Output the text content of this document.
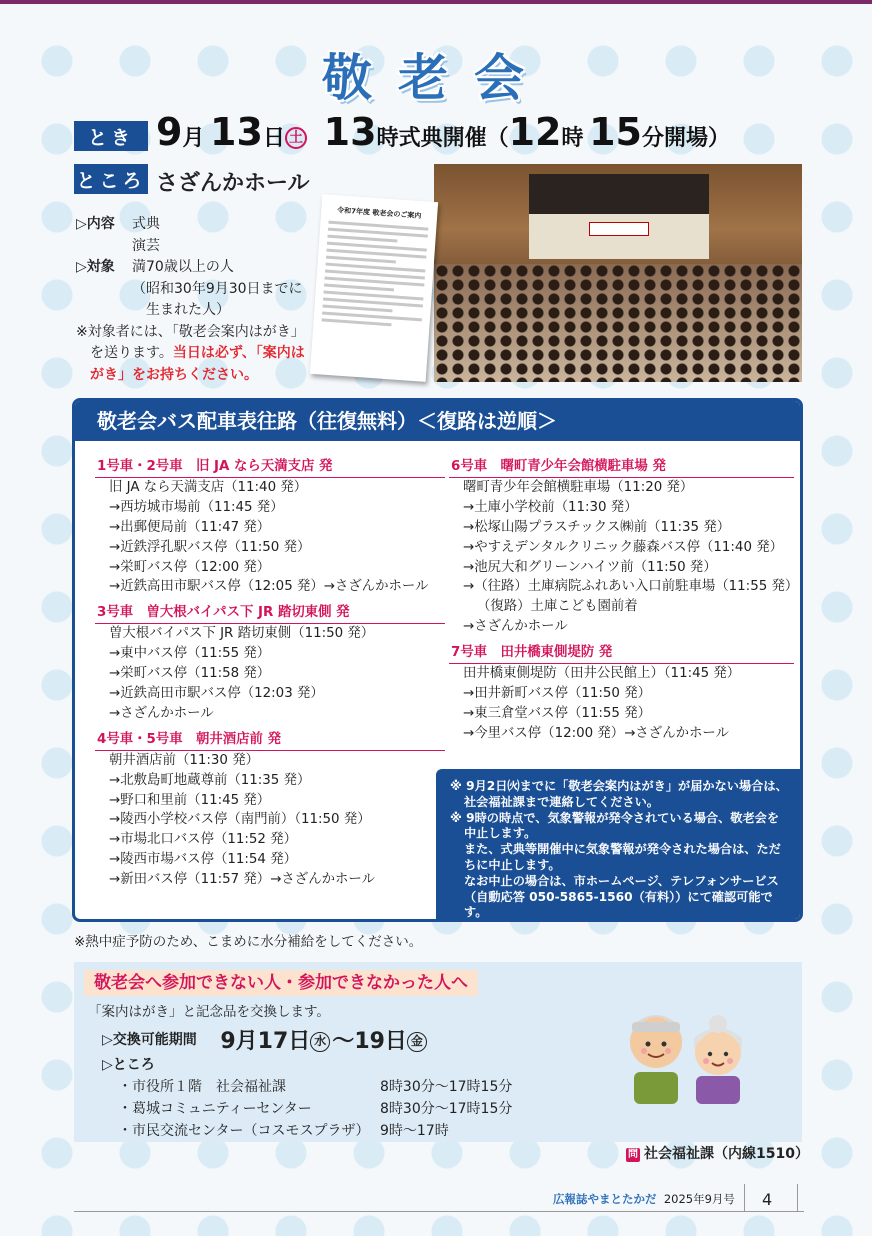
敬老会
とき 9月 13日 土 13時式典開催（12時 15分開場）
ところ さざんかホール
▷内容	式典
演芸
▷対象	満70歳以上の人
（昭和30年9月30日までに
生まれた人）
※対象者には、「敬老会案内はがき」を送ります。当日は必ず、「案内はがき」をお持ちください。
令和7年度 敬老会のご案内
敬老会バス配車表往路（往復無料）＜復路は逆順＞
1号車・2号車　旧 JA なら天満支店 発
旧 JA なら天満支店（11:40 発）
→西坊城市場前（11:45 発）
→出郵便局前（11:47 発）
→近鉄浮孔駅バス停（11:50 発）
→栄町バス停（12:00 発）
→近鉄高田市駅バス停（12:05 発）→さざんかホール
3号車　曽大根バイパス下 JR 踏切東側 発
曽大根バイパス下 JR 踏切東側（11:50 発）
→東中バス停（11:55 発）
→栄町バス停（11:58 発）
→近鉄高田市駅バス停（12:03 発）
→さざんかホール
4号車・5号車　朝井酒店前 発
朝井酒店前（11:30 発）
→北敷島町地蔵尊前（11:35 発）
→野口和里前（11:45 発）
→陵西小学校バス停（南門前）（11:50 発）
→市場北口バス停（11:52 発）
→陵西市場バス停（11:54 発）
→新田バス停（11:57 発）→さざんかホール
6号車　曙町青少年会館横駐車場 発
曙町青少年会館横駐車場（11:20 発）
→土庫小学校前（11:30 発）
→松塚山陽プラスチックス㈱前（11:35 発）
→やすえデンタルクリニック藤森バス停（11:40 発）
→池尻大和グリーンハイツ前（11:50 発）
→（往路）土庫病院ふれあい入口前駐車場（11:55 発）
（復路）土庫こども園前着
→さざんかホール
7号車　田井橋東側堤防 発
田井橋東側堤防（田井公民館上）（11:45 発）
→田井新町バス停（11:50 発）
→東三倉堂バス停（11:55 発）
→今里バス停（12:00 発）→さざんかホール
※ 9月2日㈫までに「敬老会案内はがき」が届かない場合は、社会福祉課まで連絡してください。
※ 9時の時点で、気象警報が発令されている場合、敬老会を中止します。
また、式典等開催中に気象警報が発令された場合は、ただちに中止します。
なお中止の場合は、市ホームページ、テレフォンサービス（自動応答 050-5865-1560（有料））にて確認可能です。
※熱中症予防のため、こまめに水分補給をしてください。
敬老会へ参加できない人・参加できなかった人へ
「案内はがき」と記念品を交換します。
▷交換可能期間 9月17日 水 〜19日 金
▷ところ
・市役所１階　社会福祉課	8時30分〜17時15分
・葛城コミュニティーセンター	8時30分〜17時15分
・市民交流センター（コスモスプラザ） 9時〜17時
問 社会福祉課（内線1510）
広報誌やまとたかだ 2025年9月号 4
